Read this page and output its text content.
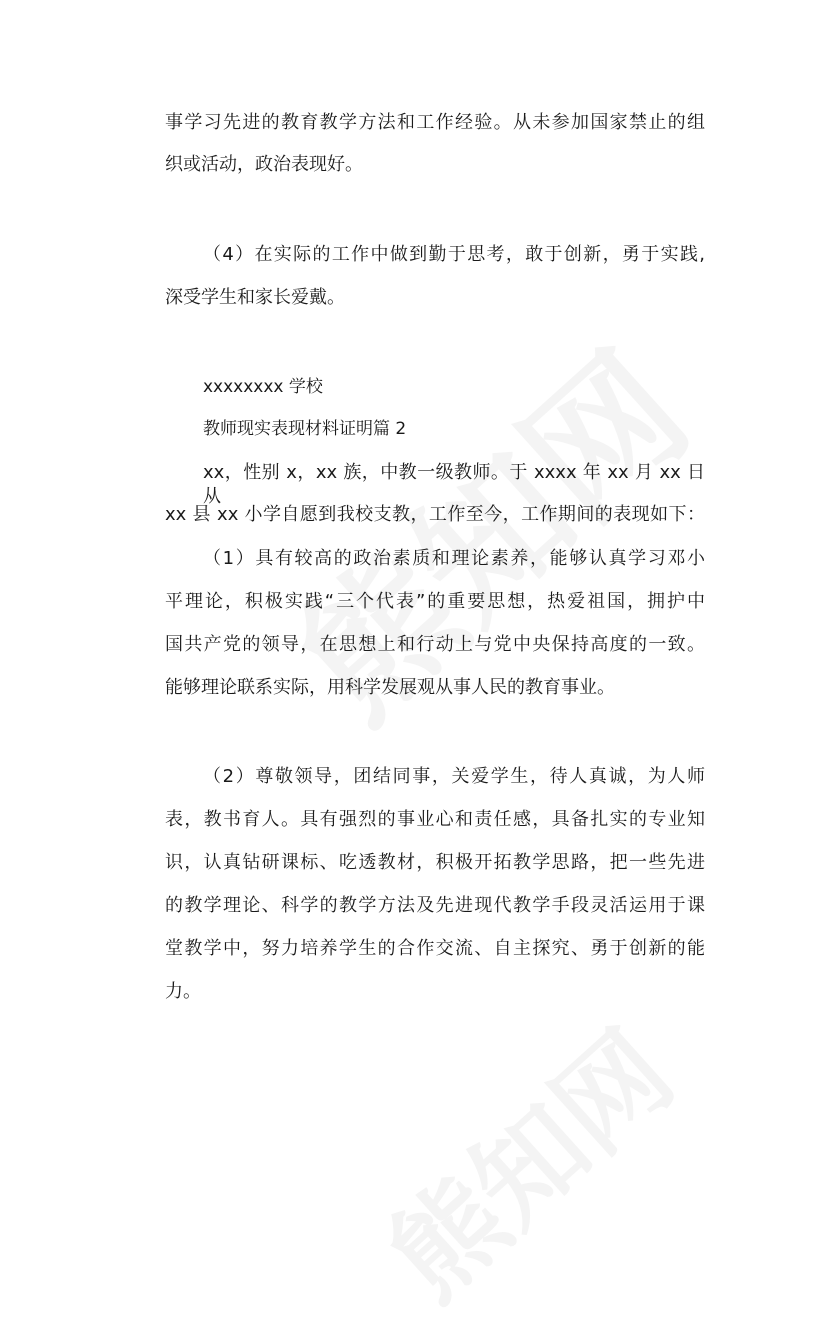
事学习先进的教育教学方法和工作经验。从未参加国家禁止的组
织或活动，政治表现好。
（4）在实际的工作中做到勤于思考，敢于创新，勇于实践,
深受学生和家长爱戴。
xxxxxxxx 学校
教师现实表现材料证明篇 2
xx，性别 x，xx 族，中教一级教师。于 xxxx 年 xx 月 xx 日从
xx 县 xx 小学自愿到我校支教，工作至今，工作期间的表现如下：
（1）具有较高的政治素质和理论素养，能够认真学习邓小
平理论，积极实践“三个代表”的重要思想，热爱祖国，拥护中
国共产党的领导，在思想上和行动上与党中央保持高度的一致。
能够理论联系实际，用科学发展观从事人民的教育事业。
（2）尊敬领导，团结同事，关爱学生，待人真诚，为人师
表，教书育人。具有强烈的事业心和责任感，具备扎实的专业知
识，认真钻研课标、吃透教材，积极开拓教学思路，把一些先进
的教学理论、科学的教学方法及先进现代教学手段灵活运用于课
堂教学中，努力培养学生的合作交流、自主探究、勇于创新的能
力。
